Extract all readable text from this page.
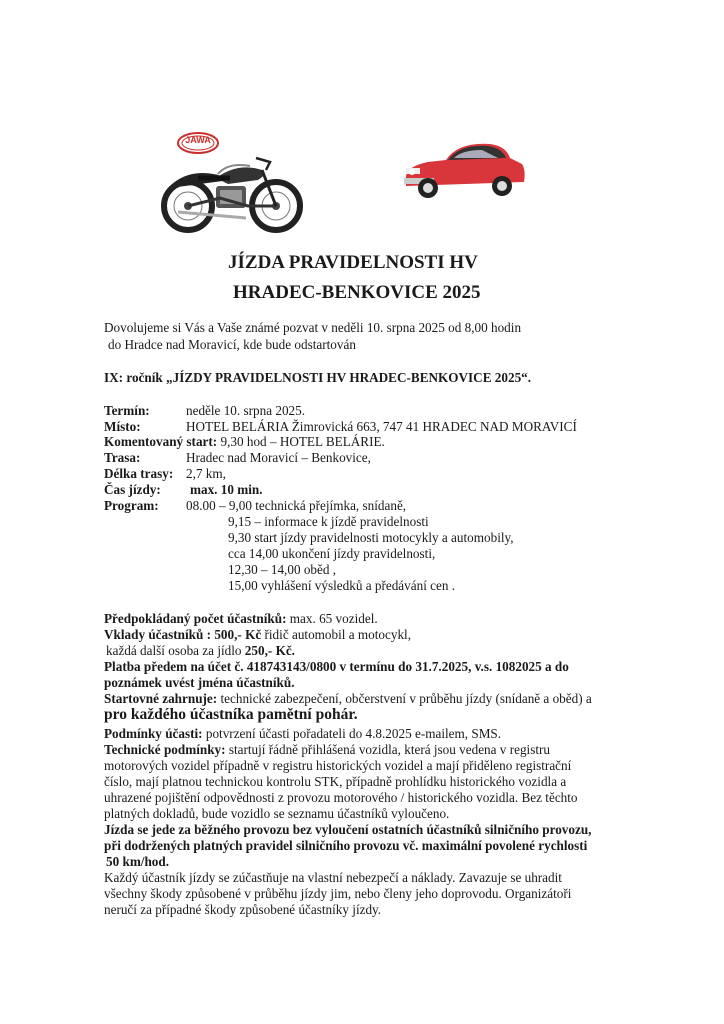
JAWA
JÍZDA PRAVIDELNOSTI HV
HRADEC-BENKOVICE 2025
Dovolujeme si Vás a Vaše známé pozvat v neděli 10. srpna 2025 od 8,00 hodin
do Hradce nad Moravicí, kde bude odstartován
IX: ročník „JÍZDY PRAVIDELNOSTI HV HRADEC-BENKOVICE 2025“.
Termín:	neděle 10. srpna 2025.
Místo:	HOTEL BELÁRIA Žimrovická 663, 747 41 HRADEC NAD MORAVICÍ
Komentovaný start: 9,30 hod – HOTEL BELÁRIE.
Trasa:	Hradec nad Moravicí – Benkovice,
Délka trasy: 2,7 km,
Čas jízdy: max. 10 min.
Program: 08.00 – 9,00 technická přejímka, snídaně,
9,15 – informace k jízdě pravidelnosti
9,30 start jízdy pravidelnosti motocykly a automobily,
cca 14,00 ukončení jízdy pravidelnosti,
12,30 – 14,00 oběd ,
15,00 vyhlášení výsledků a předávání cen .
Předpokládaný počet účastníků: max. 65 vozidel.
Vklady účastníků : 500,- Kč řidič automobil a motocykl,
každá další osoba za jídlo 250,- Kč.
Platba předem na účet č. 418743143/0800 v termínu do 31.7.2025, v.s. 1082025 a do
poznámek uvést jména účastníků.
Startovné zahrnuje: technické zabezpečení, občerstvení v průběhu jízdy (snídaně a oběd) a
pro každého účastníka pamětní pohár.
Podmínky účasti: potvrzení účasti pořadateli do 4.8.2025 e-mailem, SMS.
Technické podmínky: startují řádně přihlášená vozidla, která jsou vedena v registru
motorových vozidel případně v registru historických vozidel a mají přiděleno registrační
číslo, mají platnou technickou kontrolu STK, případně prohlídku historického vozidla a
uhrazené pojištění odpovědnosti z provozu motorového / historického vozidla. Bez těchto
platných dokladů, bude vozidlo se seznamu účastníků vyloučeno.
Jízda se jede za běžného provozu bez vyloučení ostatních účastníků silničního provozu,
při dodržených platných pravidel silničního provozu vč. maximální povolené rychlosti
50 km/hod.
Každý účastník jízdy se zúčastňuje na vlastní nebezpečí a náklady. Zavazuje se uhradit
všechny škody způsobené v průběhu jízdy jim, nebo členy jeho doprovodu. Organizátoři
neručí za případné škody způsobené účastníky jízdy.
